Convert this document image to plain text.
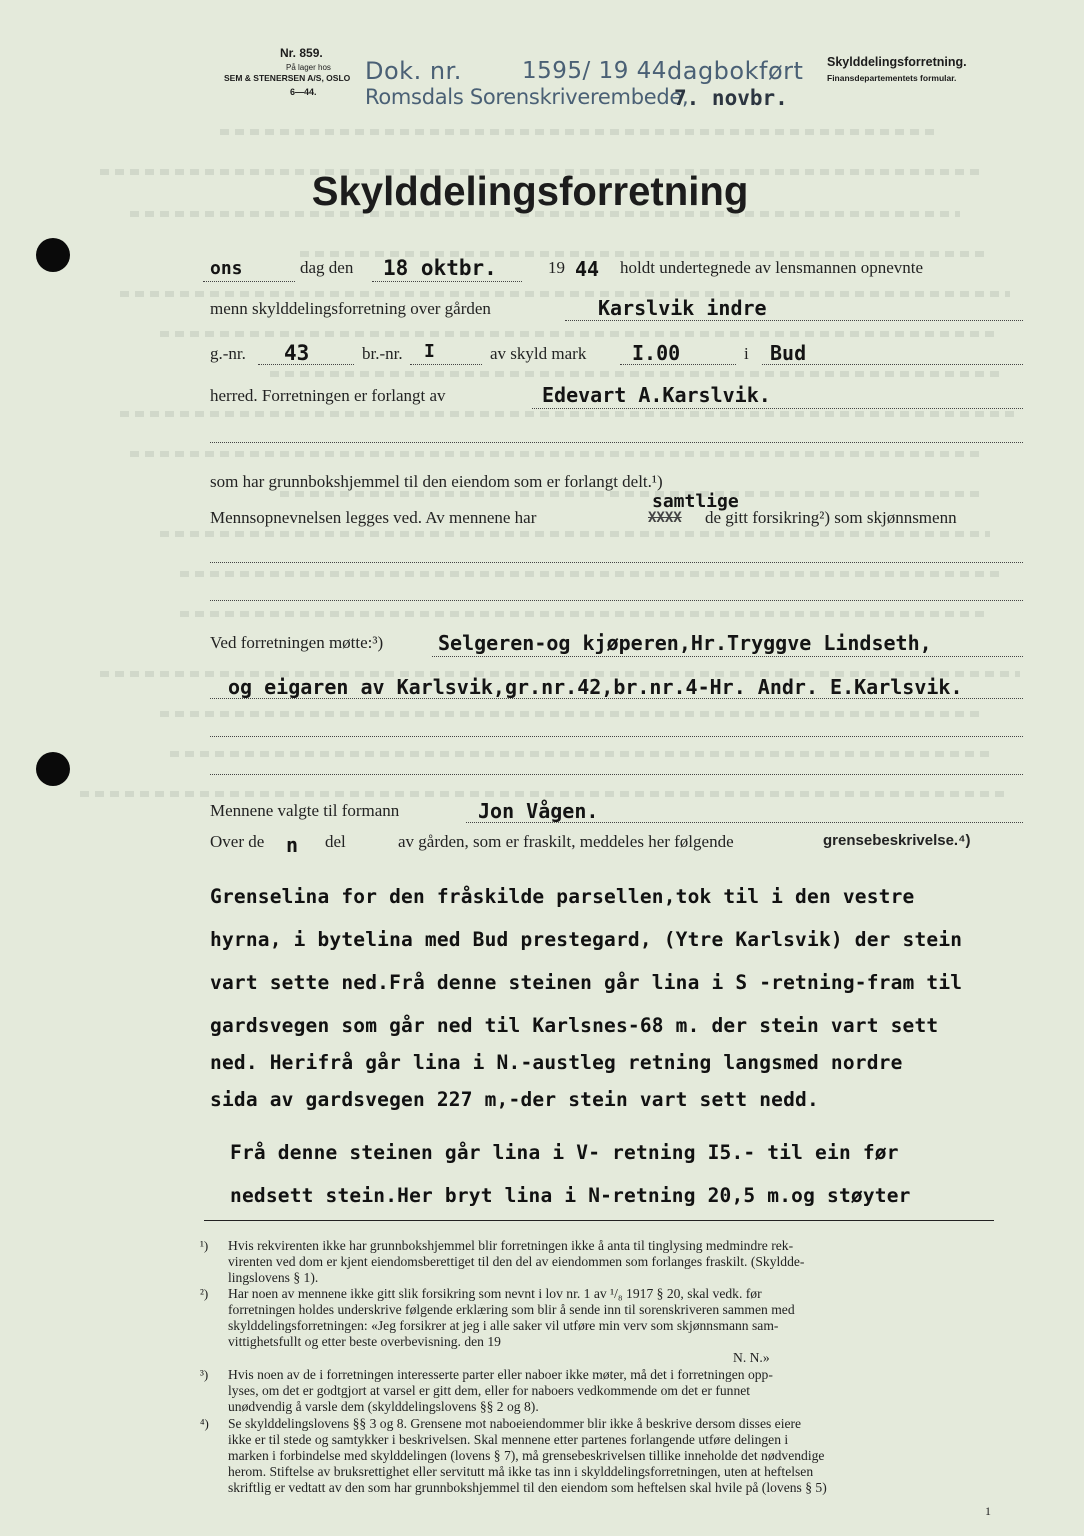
Nr. 859.
På lager hos
SEM & STENERSEN A/S, OSLO
6—44.
Dok. nr.	1595/ 19 44 dagbokført
Romsdals Sorenskriverembede,
7. novbr.
Skylddelingsforretning.
Finansdepartementets formular.
Skylddelingsforretning
ons	dag den 18 oktbr.	19 44 holdt undertegnede av lensmannen opnevnte
menn skylddelingsforretning over gården	Karslvik indre
g.-nr. 43	br.-nr. I	av skyld mark I.00	i Bud
herred. Forretningen er forlangt av	Edevart A.Karslvik.
som har grunnbokshjemmel til den eiendom som er forlangt delt.¹)
samtlige
Mennsopnevnelsen legges ved. Av mennene har	XXXX de gitt forsikring²) som skjønnsmenn
Ved forretningen møtte:³)	Selgeren-og kjøperen,Hr.Tryggve Lindseth,
og eigaren av Karlsvik,gr.nr.42,br.nr.4-Hr. Andr. E.Karlsvik.
Mennene valgte til formann	Jon Vågen.
Over de n del	av gården, som er fraskilt, meddeles her følgende	grensebeskrivelse.⁴)
Grenselina for den fråskilde parsellen,tok til i den vestre
hyrna, i bytelina med Bud prestegard, (Ytre Karlsvik) der stein
vart sette ned.Frå denne steinen går lina i S -retning-fram til
gardsvegen som går ned til Karlsnes-68 m. der stein vart sett
ned. Herifrå går lina i N.-austleg retning langsmed nordre
sida av gardsvegen 227 m,-der stein vart sett nedd.
Frå denne steinen går lina i V- retning I5.- til ein før
nedsett stein.Her bryt lina i N-retning 20,5 m.og støyter
¹) Hvis rekvirenten ikke har grunnbokshjemmel blir forretningen ikke å anta til tinglysing medmindre rek-
virenten ved dom er kjent eiendomsberettiget til den del av eiendommen som forlanges fraskilt. (Skyldde-
lingslovens § 1).
²) Har noen av mennene ikke gitt slik forsikring som nevnt i lov nr. 1 av ¹/₈ 1917 § 20, skal vedk. før
forretningen holdes underskrive følgende erklæring som blir å sende inn til sorenskriveren sammen med
skylddelingsforretningen: «Jeg forsikrer at jeg i alle saker vil utføre min verv som skjønnsmann sam-
vittighetsfullt og etter beste overbevisning. den 19
N. N.»
³) Hvis noen av de i forretningen interesserte parter eller naboer ikke møter, må det i forretningen opp-
lyses, om det er godtgjort at varsel er gitt dem, eller for naboers vedkommende om det er funnet
unødvendig å varsle dem (skylddelingslovens §§ 2 og 8).
⁴) Se skylddelingslovens §§ 3 og 8. Grensene mot naboeiendommer blir ikke å beskrive dersom disses eiere
ikke er til stede og samtykker i beskrivelsen. Skal mennene etter partenes forlangende utføre delingen i
marken i forbindelse med skylddelingen (lovens § 7), må grensebeskrivelsen tillike inneholde det nødvendige
herom. Stiftelse av bruksrettighet eller servitutt må ikke tas inn i skylddelingsforretningen, uten at heftelsen
skriftlig er vedtatt av den som har grunnbokshjemmel til den eiendom som heftelsen skal hvile på (lovens § 5)
1
